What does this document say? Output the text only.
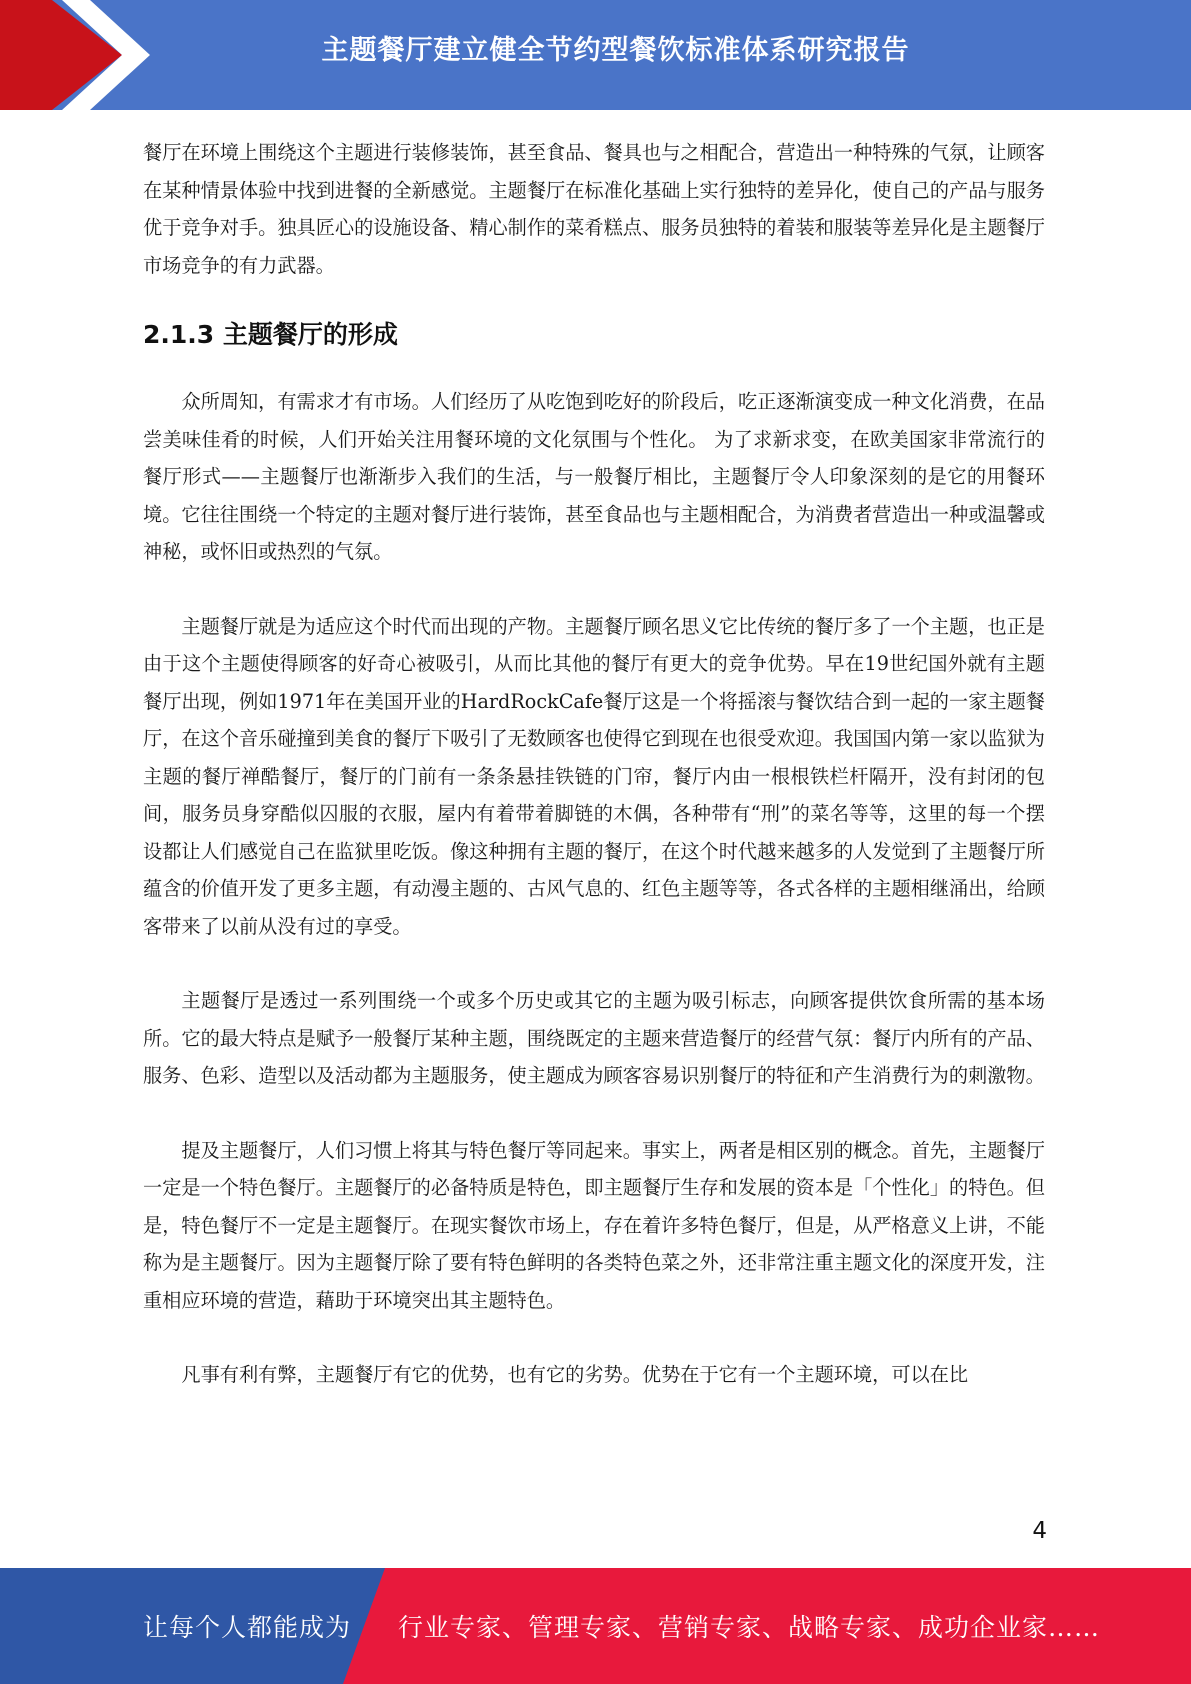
主题餐厅建立健全节约型餐饮标准体系研究报告

餐厅在环境上围绕这个主题进行装修装饰，甚至食品、餐具也与之相配合，营造出一种特殊的气氛，让顾客在某种情景体验中找到进餐的全新感觉。主题餐厅在标准化基础上实行独特的差异化，使自己的产品与服务优于竞争对手。独具匠心的设施设备、精心制作的菜肴糕点、服务员独特的着装和服装等差异化是主题餐厅市场竞争的有力武器。

2.1.3 主题餐厅的形成

众所周知，有需求才有市场。人们经历了从吃饱到吃好的阶段后，吃正逐渐演变成一种文化消费，在品尝美味佳肴的时候，人们开始关注用餐环境的文化氛围与个性化。 为了求新求变，在欧美国家非常流行的餐厅形式——主题餐厅也渐渐步入我们的生活，与一般餐厅相比，主题餐厅令人印象深刻的是它的用餐环境。它往往围绕一个特定的主题对餐厅进行装饰，甚至食品也与主题相配合，为消费者营造出一种或温馨或神秘，或怀旧或热烈的气氛。

主题餐厅就是为适应这个时代而出现的产物。主题餐厅顾名思义它比传统的餐厅多了一个主题，也正是由于这个主题使得顾客的好奇心被吸引，从而比其他的餐厅有更大的竞争优势。早在19世纪国外就有主题餐厅出现，例如1971年在美国开业的HardRockCafe餐厅这是一个将摇滚与餐饮结合到一起的一家主题餐厅，在这个音乐碰撞到美食的餐厅下吸引了无数顾客也使得它到现在也很受欢迎。我国国内第一家以监狱为主题的餐厅禅酷餐厅，餐厅的门前有一条条悬挂铁链的门帘，餐厅内由一根根铁栏杆隔开，没有封闭的包间，服务员身穿酷似囚服的衣服，屋内有着带着脚链的木偶，各种带有“刑”的菜名等等，这里的每一个摆设都让人们感觉自己在监狱里吃饭。像这种拥有主题的餐厅，在这个时代越来越多的人发觉到了主题餐厅所蕴含的价值开发了更多主题，有动漫主题的、古风气息的、红色主题等等，各式各样的主题相继涌出，给顾客带来了以前从没有过的享受。

主题餐厅是透过一系列围绕一个或多个历史或其它的主题为吸引标志，向顾客提供饮食所需的基本场所。它的最大特点是赋予一般餐厅某种主题，围绕既定的主题来营造餐厅的经营气氛：餐厅内所有的产品、服务、色彩、造型以及活动都为主题服务，使主题成为顾客容易识别餐厅的特征和产生消费行为的刺激物。

提及主题餐厅，人们习惯上将其与特色餐厅等同起来。事实上，两者是相区别的概念。首先，主题餐厅一定是一个特色餐厅。主题餐厅的必备特质是特色，即主题餐厅生存和发展的资本是「个性化」的特色。但是，特色餐厅不一定是主题餐厅。在现实餐饮市场上，存在着许多特色餐厅，但是，从严格意义上讲，不能称为是主题餐厅。因为主题餐厅除了要有特色鲜明的各类特色菜之外，还非常注重主题文化的深度开发，注重相应环境的营造，藉助于环境突出其主题特色。

凡事有利有弊，主题餐厅有它的优势，也有它的劣势。优势在于它有一个主题环境，可以在比

4
让每个人都能成为 行业专家、管理专家、营销专家、战略专家、成功企业家……
